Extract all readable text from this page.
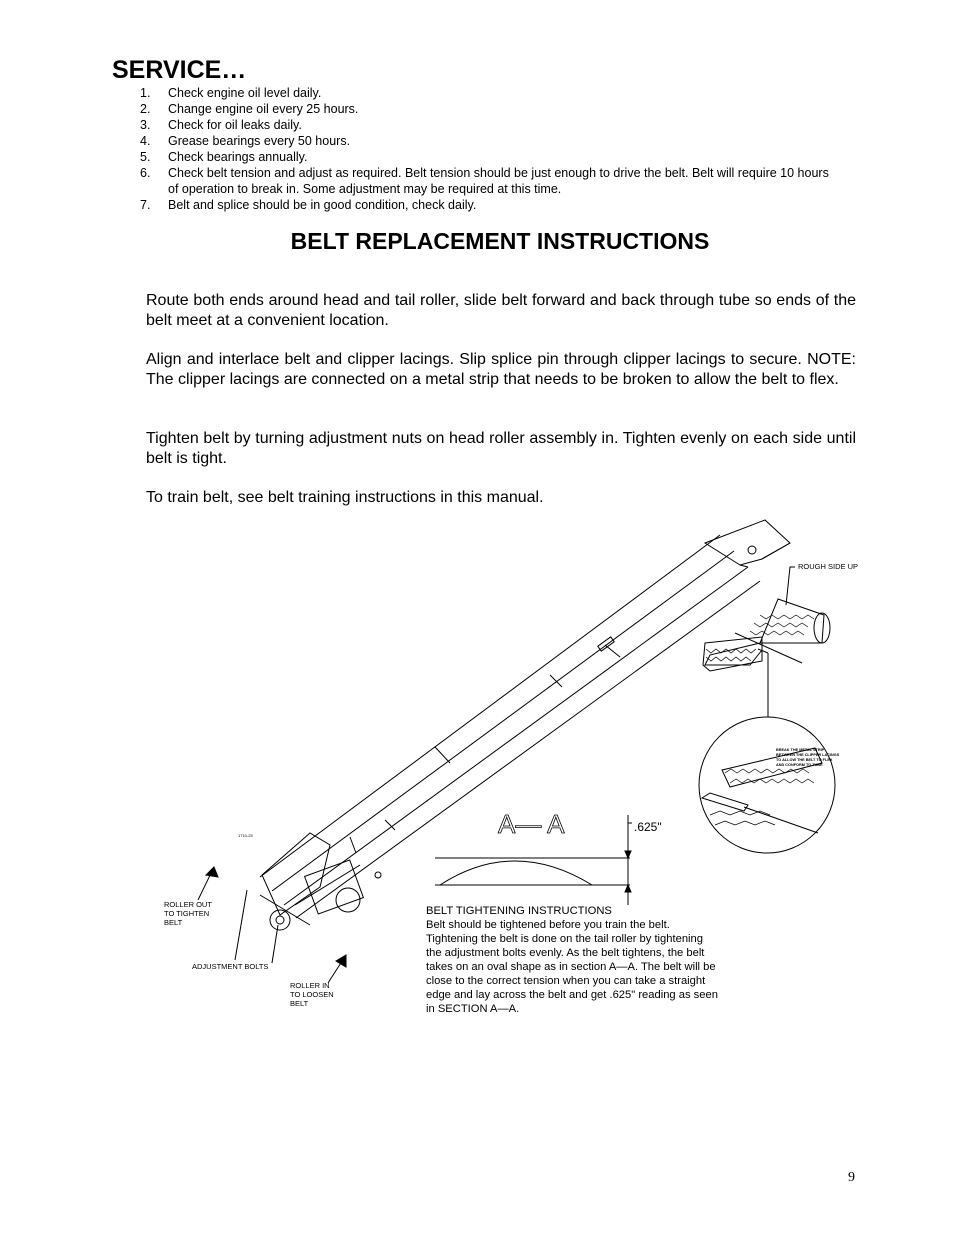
SERVICE…
1. Check engine oil level daily.
2. Change engine oil every 25 hours.
3. Check for oil leaks daily.
4. Grease bearings every 50 hours.
5. Check bearings annually.
6. Check belt tension and adjust as required. Belt tension should be just enough to drive the belt. Belt will require 10 hours of operation to break in. Some adjustment may be required at this time.
7. Belt and splice should be in good condition, check daily.
BELT REPLACEMENT INSTRUCTIONS

Route both ends around head and tail roller, slide belt forward and back through tube so ends of the belt meet at a convenient location.

Align and interlace belt and clipper lacings. Slip splice pin through clipper lacings to secure. NOTE: The clipper lacings are connected on a metal strip that needs to be broken to allow the belt to flex.

Tighten belt by turning adjustment nuts on head roller assembly in. Tighten evenly on each side until belt is tight.

To train belt, see belt training instructions in this manual.

1710-25
ROLLER OUT
TO TIGHTEN
BELT
ADJUSTMENT BOLTS
ROLLER IN
TO LOOSEN
BELT
ROUGH SIDE UP
BREAK THE METAL STRIP
BETWEEN THE CLIPPER LACINGS
TO ALLOW THE BELT TO FLEX
AND CONFORM TO TUBE
A— A	.625"
BELT TIGHTENING INSTRUCTIONS
Belt should be tightened before you train the belt.
Tightening the belt is done on the tail roller by tightening
the adjustment bolts evenly. As the belt tightens, the belt
takes on an oval shape as in section A—A. The belt will be
close to the correct tension when you can take a straight
edge and lay across the belt and get .625" reading as seen
in SECTION A—A.
9
